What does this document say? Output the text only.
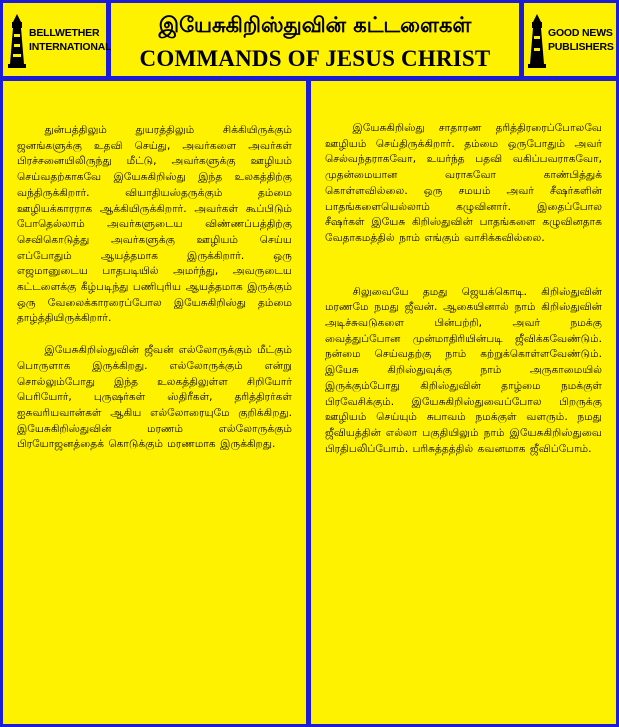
BELLWETHER
INTERNATIONAL
இயேசுகிறிஸ்துவின் கட்டளைகள்
COMMANDS OF JESUS CHRIST
GOOD NEWS
PUBLISHERS

துன்பத்திலும் துயரத்திலும் சிக்கியிருக்கும் ஜனங்களுக்கு உதவி செய்து, அவர்களை அவர்கள் பிரச்சனையிலிருந்து மீட்டு, அவர்களுக்கு ஊழியம் செய்வதற்காகவே இயேசுகிறிஸ்து இந்த உலகத்திற்கு வந்திருக்கிறார். வியாதியஸ்தருக்கும் தம்மை ஊழியக்காரராக ஆக்கியிருக்கிறார். அவர்கள் கூப்பிடும் போதெல்லாம் அவர்களுடைய விண்ணப்பத்திற்கு செவிகொடுத்து அவர்களுக்கு ஊழியம் செய்ய எப்போதும் ஆயத்தமாக இருக்கிறார். ஒரு எஜமானுடைய பாதபடியில் அமர்ந்து, அவருடைய கட்டளைக்கு கீழ்படிந்து பணிபுரிய ஆயத்தமாக இருக்கும் ஒரு வேலைக்காரரைப்போல இயேசுகிறிஸ்து தம்மை தாழ்த்தியிருக்கிறார்.

இயேசுகிறிஸ்துவின் ஜீவன் எல்லோருக்கும் மீட்கும் பொருளாக இருக்கிறது. எல்லோருக்கும் என்று சொல்லும்போது இந்த உலகத்திலுள்ள சிறியோர் பெரியோர், புருஷர்கள் ஸ்திரீகள், தரித்திரர்கள் ஐசுவரியவான்கள் ஆகிய எல்லோரையுமே குறிக்கிறது. இயேசுகிறிஸ்துவின் மரணம் எல்லோருக்கும் பிரயோஜனத்தைக் கொடுக்கும் மரணமாக இருக்கிறது.

இயேசுகிறிஸ்து சாதாரண தரித்திரரைப்போலவே ஊழியம் செய்திருக்கிறார். தம்மை ஒருபோதும் அவர் செல்வந்தராகவோ, உயர்ந்த பதவி வகிப்பவராகவோ, முதன்மையான வராகவோ காண்பித்துக் கொள்ளவில்லை. ஒரு சமயம் அவர் சீஷர்களின் பாதங்களையெல்லாம் கழுவினார். இதைப்போல சீஷர்கள் இயேசு கிறிஸ்துவின் பாதங்களை கழுவினதாக வேதாகமத்தில் நாம் எங்கும் வாசிக்கவில்லை.

சிலுவையே தமது ஜெயக்கொடி. கிறிஸ்துவின் மரணமே நமது ஜீவன். ஆகையினால் நாம் கிறிஸ்துவின் அடிச்சுவடுகளை பின்பற்றி, அவர் நமக்கு வைத்துப்போன முன்மாதிரியின்படி ஜீவிக்கவேண்டும். நன்மை செய்வதற்கு நாம் கற்றுக்கொள்ளவேண்டும். இயேசு கிறிஸ்துவுக்கு நாம் அருகாமையில் இருக்கும்போது கிறிஸ்துவின் தாழ்மை நமக்குள் பிரவேசிக்கும். இயேசுகிறிஸ்துவைப்போல பிறருக்கு ஊழியம் செய்யும் சுபாவம் நமக்குள் வளரும். நமது ஜீவியத்தின் எல்லா பகுதியிலும் நாம் இயேசுகிறிஸ்துவை பிரதிபலிப்போம். பரிசுத்தத்தில் கவனமாக ஜீவிப்போம்.
